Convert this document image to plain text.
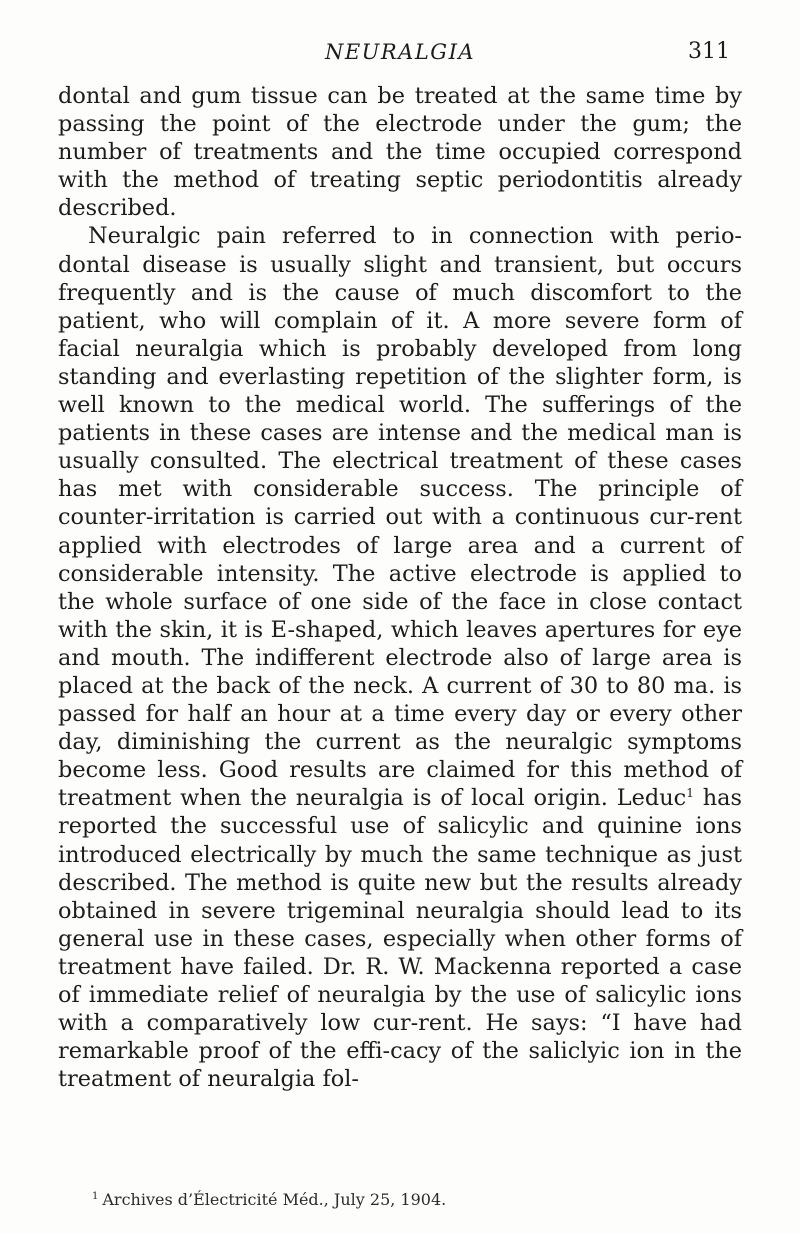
NEURALGIA	311

dontal and gum tissue can be treated at the same time by passing the point of the electrode under the gum; the number of treatments and the time occupied correspond with the method of treating septic periodontitis already described.

Neuralgic pain referred to in connection with perio-dontal disease is usually slight and transient, but occurs frequently and is the cause of much discomfort to the patient, who will complain of it. A more severe form of facial neuralgia which is probably developed from long standing and everlasting repetition of the slighter form, is well known to the medical world. The sufferings of the patients in these cases are intense and the medical man is usually consulted. The electrical treatment of these cases has met with considerable success. The principle of counter-irritation is carried out with a continuous cur-rent applied with electrodes of large area and a current of considerable intensity. The active electrode is applied to the whole surface of one side of the face in close contact with the skin, it is E-shaped, which leaves apertures for eye and mouth. The indifferent electrode also of large area is placed at the back of the neck. A current of 30 to 80 ma. is passed for half an hour at a time every day or every other day, diminishing the current as the neuralgic symptoms become less. Good results are claimed for this method of treatment when the neuralgia is of local origin. Leduc$^1$ has reported the successful use of salicylic and quinine ions introduced electrically by much the same technique as just described. The method is quite new but the results already obtained in severe trigeminal neuralgia should lead to its general use in these cases, especially when other forms of treatment have failed. Dr. R. W. Mackenna reported a case of immediate relief of neuralgia by the use of salicylic ions with a comparatively low cur-rent. He says: “I have had remarkable proof of the effi-cacy of the saliclyic ion in the treatment of neuralgia fol-

$^1$ Archives d’Électricité Méd., July 25, 1904.
